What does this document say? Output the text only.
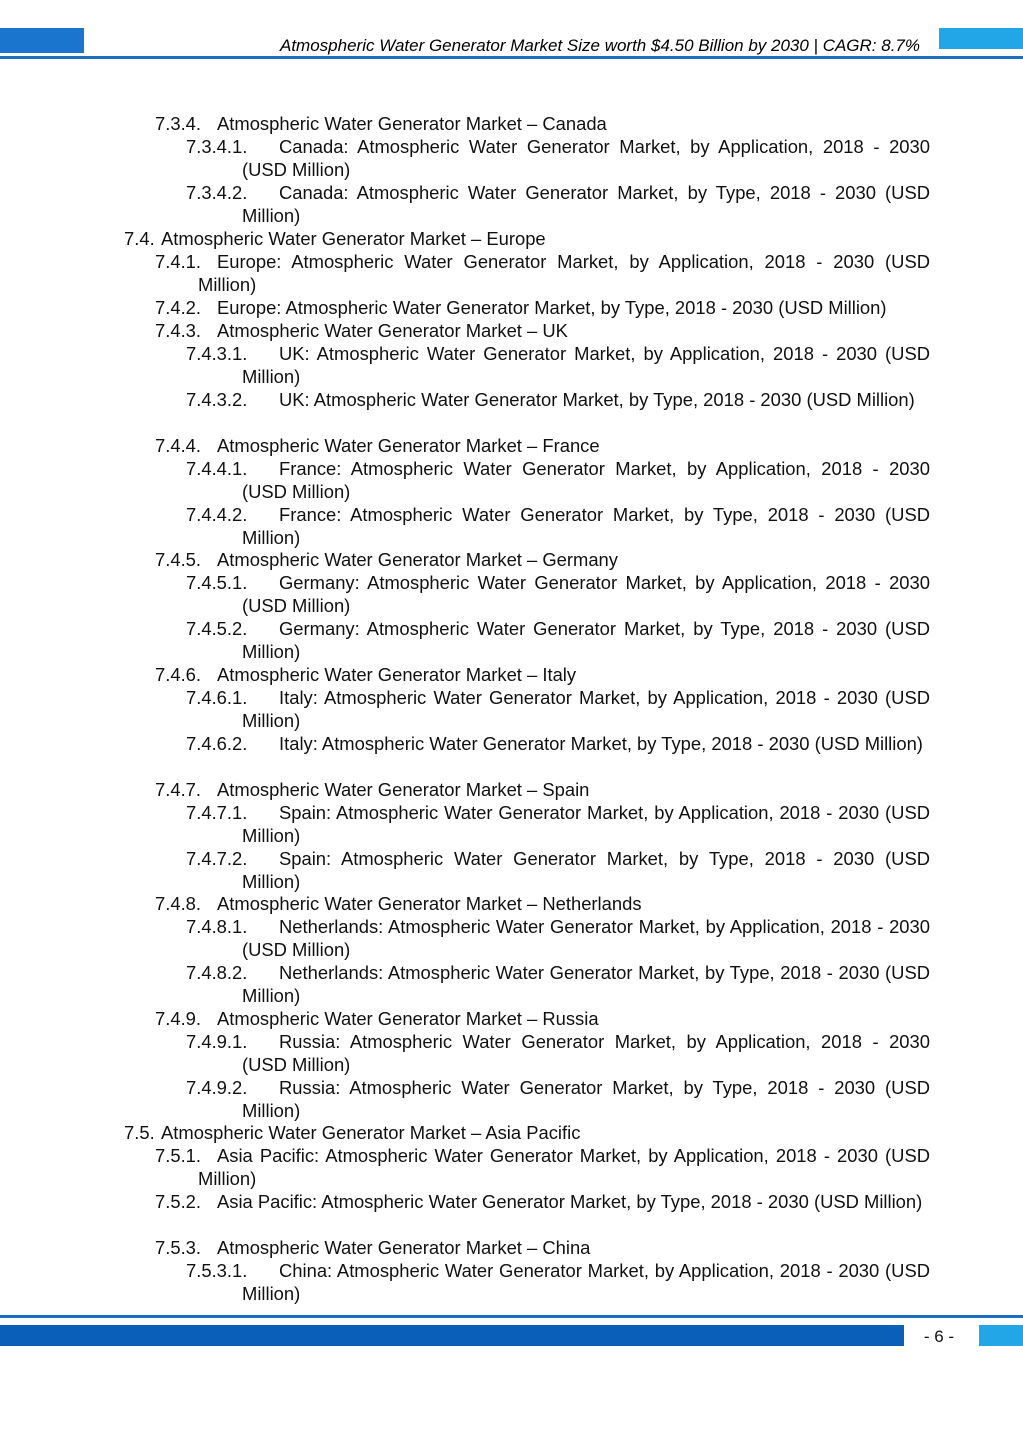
Atmospheric Water Generator Market Size worth $4.50 Billion by 2030 | CAGR: 8.7%
7.3.4. Atmospheric Water Generator Market – Canada
7.3.4.1.	Canada: Atmospheric Water Generator Market, by Application, 2018 - 2030 (USD Million)
7.3.4.2.	Canada: Atmospheric Water Generator Market, by Type, 2018 - 2030 (USD Million)
7.4. Atmospheric Water Generator Market – Europe
7.4.1. Europe: Atmospheric Water Generator Market, by Application, 2018 - 2030 (USD Million)
7.4.2. Europe: Atmospheric Water Generator Market, by Type, 2018 - 2030 (USD Million)
7.4.3. Atmospheric Water Generator Market – UK
7.4.3.1.	UK: Atmospheric Water Generator Market, by Application, 2018 - 2030 (USD Million)
7.4.3.2.	UK: Atmospheric Water Generator Market, by Type, 2018 - 2030 (USD Million)
7.4.4. Atmospheric Water Generator Market – France
7.4.4.1.	France: Atmospheric Water Generator Market, by Application, 2018 - 2030 (USD Million)
7.4.4.2.	France: Atmospheric Water Generator Market, by Type, 2018 - 2030 (USD Million)
7.4.5. Atmospheric Water Generator Market – Germany
7.4.5.1.	Germany: Atmospheric Water Generator Market, by Application, 2018 - 2030 (USD Million)
7.4.5.2.	Germany: Atmospheric Water Generator Market, by Type, 2018 - 2030 (USD Million)
7.4.6. Atmospheric Water Generator Market – Italy
7.4.6.1.	Italy: Atmospheric Water Generator Market, by Application, 2018 - 2030 (USD Million)
7.4.6.2.	Italy: Atmospheric Water Generator Market, by Type, 2018 - 2030 (USD Million)
7.4.7. Atmospheric Water Generator Market – Spain
7.4.7.1.	Spain: Atmospheric Water Generator Market, by Application, 2018 - 2030 (USD Million)
7.4.7.2.	Spain: Atmospheric Water Generator Market, by Type, 2018 - 2030 (USD Million)
7.4.8. Atmospheric Water Generator Market – Netherlands
7.4.8.1.	Netherlands: Atmospheric Water Generator Market, by Application, 2018 - 2030 (USD Million)
7.4.8.2.	Netherlands: Atmospheric Water Generator Market, by Type, 2018 - 2030 (USD Million)
7.4.9. Atmospheric Water Generator Market – Russia
7.4.9.1.	Russia: Atmospheric Water Generator Market, by Application, 2018 - 2030 (USD Million)
7.4.9.2.	Russia: Atmospheric Water Generator Market, by Type, 2018 - 2030 (USD Million)
7.5. Atmospheric Water Generator Market – Asia Pacific
7.5.1. Asia Pacific: Atmospheric Water Generator Market, by Application, 2018 - 2030 (USD Million)
7.5.2. Asia Pacific: Atmospheric Water Generator Market, by Type, 2018 - 2030 (USD Million)
7.5.3. Atmospheric Water Generator Market – China
7.5.3.1.	China: Atmospheric Water Generator Market, by Application, 2018 - 2030 (USD Million)
- 6 -
